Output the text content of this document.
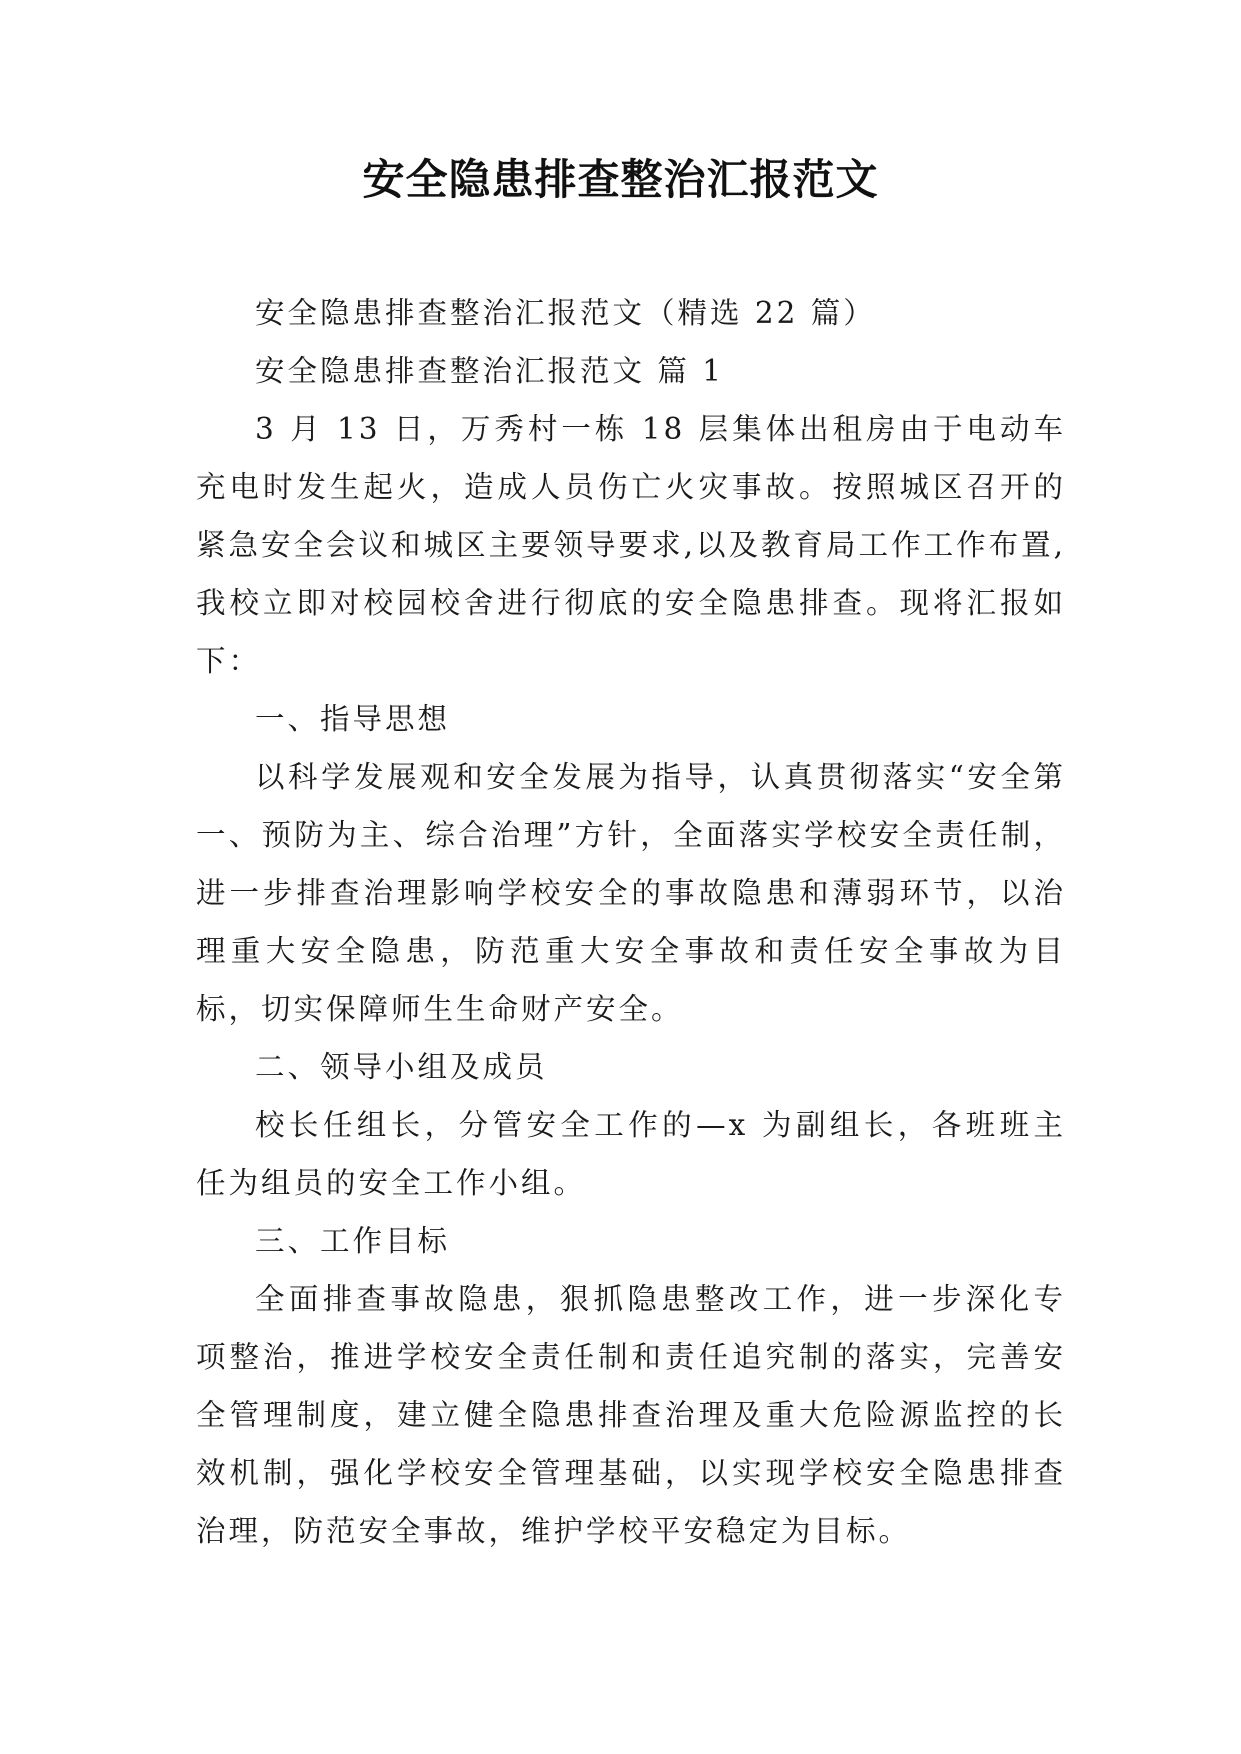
安全隐患排查整治汇报范文

安全隐患排查整治汇报范文（精选 22 篇）

安全隐患排查整治汇报范文 篇 1

3 月 13 日，万秀村一栋 18 层集体出租房由于电动车充电时发生起火，造成人员伤亡火灾事故。按照城区召开的紧急安全会议和城区主要领导要求,以及教育局工作工作布置,我校立即对校园校舍进行彻底的安全隐患排查。现将汇报如下：

一、指导思想

以科学发展观和安全发展为指导，认真贯彻落实“安全第一、预防为主、综合治理”方针，全面落实学校安全责任制，进一步排查治理影响学校安全的事故隐患和薄弱环节，以治理重大安全隐患，防范重大安全事故和责任安全事故为目标，切实保障师生生命财产安全。

二、领导小组及成员

校长任组长，分管安全工作的—x 为副组长，各班班主任为组员的安全工作小组。

三、工作目标

全面排查事故隐患，狠抓隐患整改工作，进一步深化专项整治，推进学校安全责任制和责任追究制的落实，完善安全管理制度，建立健全隐患排查治理及重大危险源监控的长效机制，强化学校安全管理基础，以实现学校安全隐患排查治理，防范安全事故，维护学校平安稳定为目标。
